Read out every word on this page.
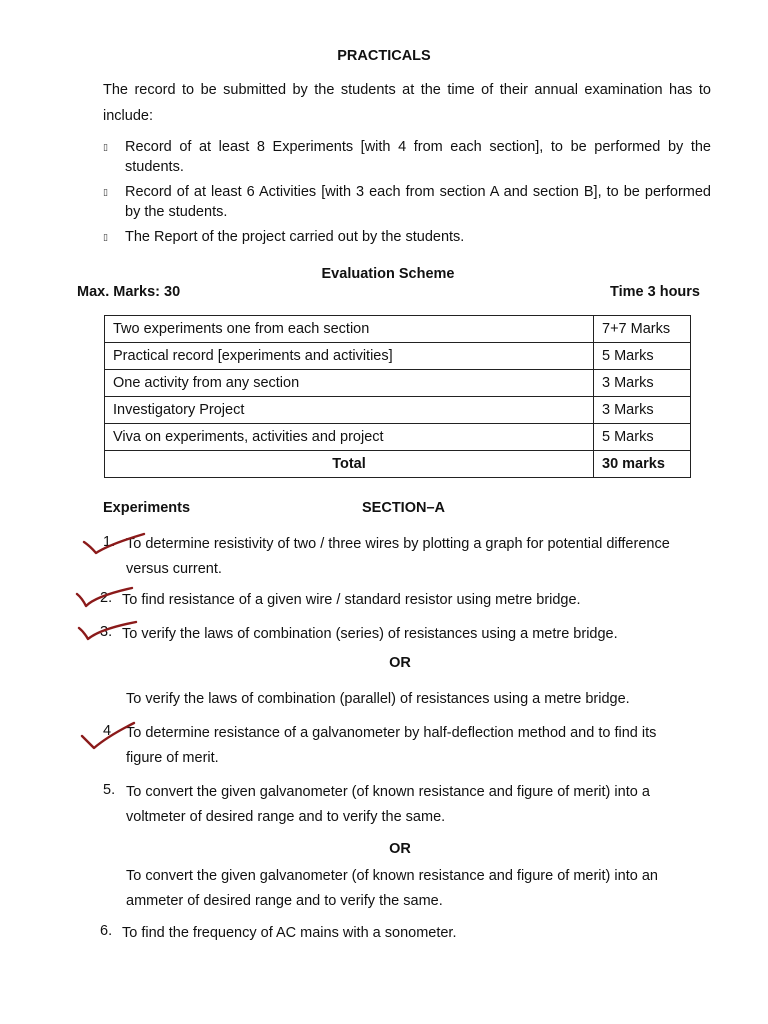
PRACTICALS
The record to be submitted by the students at the time of their annual examination has to include:
▯ Record of at least 8 Experiments [with 4 from each section], to be performed by the students.
▯ Record of at least 6 Activities [with 3 each from section A and section B], to be performed by the students.
▯ The Report of the project carried out by the students.
Evaluation Scheme
Max. Marks: 30	Time 3 hours
Two experiments one from each section	7+7 Marks
Practical record [experiments and activities]	5 Marks
One activity from any section	3 Marks
Investigatory Project	3 Marks
Viva on experiments, activities and project	5 Marks
Total	30 marks
Experiments	SECTION–A
1. To determine resistivity of two / three wires by plotting a graph for potential difference
versus current.
2. To find resistance of a given wire / standard resistor using metre bridge.
3. To verify the laws of combination (series) of resistances using a metre bridge.
OR
To verify the laws of combination (parallel) of resistances using a metre bridge.
4. To determine resistance of a galvanometer by half-deflection method and to find its
figure of merit.
5. To convert the given galvanometer (of known resistance and figure of merit) into a
voltmeter of desired range and to verify the same.
OR
To convert the given galvanometer (of known resistance and figure of merit) into an
ammeter of desired range and to verify the same.
6. To find the frequency of AC mains with a sonometer.
